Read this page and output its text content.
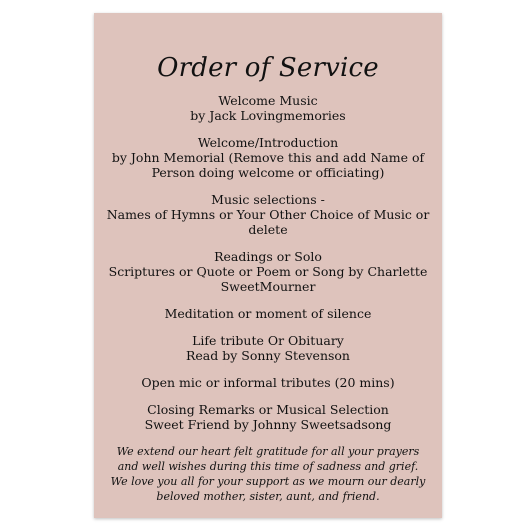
Order of Service
Welcome Music
by Jack Lovingmemories
Welcome/Introduction
by John Memorial (Remove this and add Name of
Person doing welcome or officiating)
Music selections -
Names of Hymns or Your Other Choice of Music or
delete
Readings or Solo
Scriptures or Quote or Poem or Song by Charlette
SweetMourner
Meditation or moment of silence
Life tribute Or Obituary
Read by Sonny Stevenson
Open mic or informal tributes (20 mins)
Closing Remarks or Musical Selection
Sweet Friend by Johnny Sweetsadsong
We extend our heart felt gratitude for all your prayers
and well wishes during this time of sadness and grief.
We love you all for your support as we mourn our dearly
beloved mother, sister, aunt, and friend.
